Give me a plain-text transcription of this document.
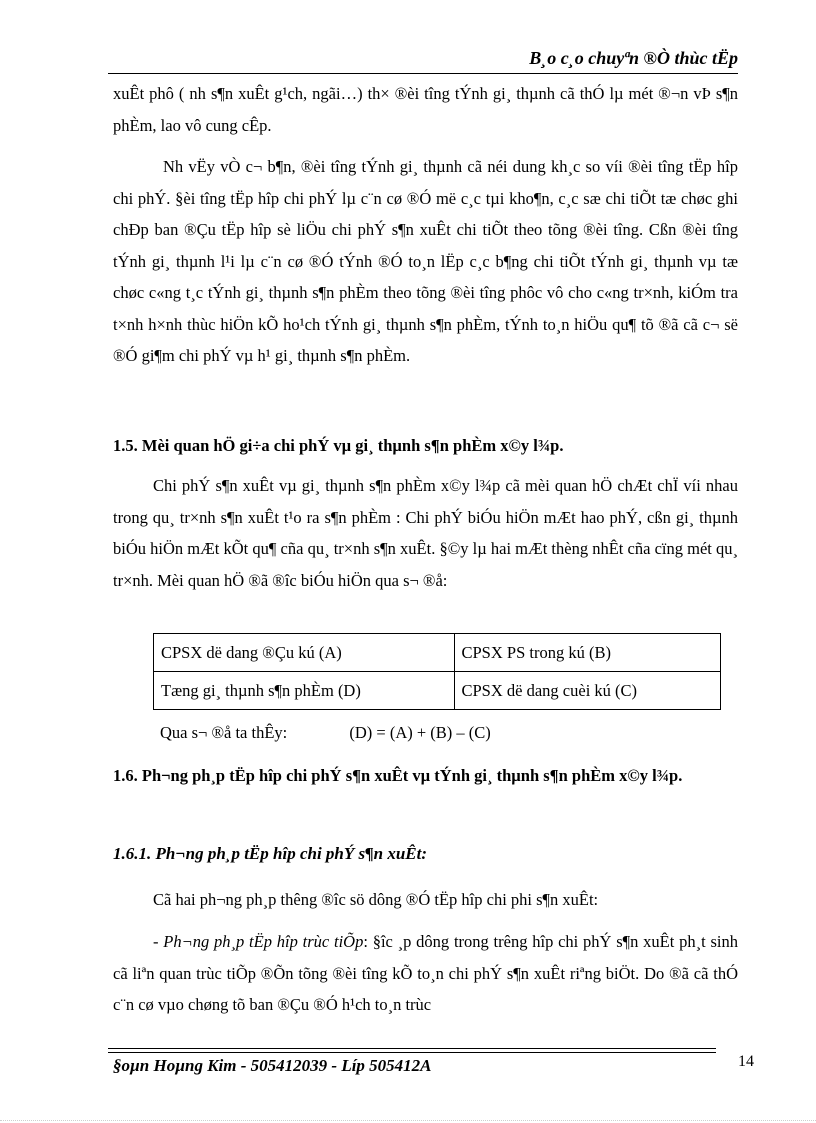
B¸o c¸o chuyªn ®Ò thùc tËp

xuÊt phô ( nh s¶n xuÊt g¹ch, ngãi…) th× ®èi tîng tÝnh gi¸ thµnh cã thÓ lµ mét ®¬n vÞ s¶n phÈm, lao vô cung cÊp.

Nh vËy vÒ c¬ b¶n, ®èi tîng tÝnh gi¸ thµnh cã néi dung kh¸c so víi ®èi tîng tËp hîp chi phÝ. §èi tîng tËp hîp chi phÝ lµ c¨n cø ®Ó më c¸c tµi kho¶n, c¸c sæ chi tiÕt tæ chøc ghi chÐp ban ®Çu tËp hîp sè liÖu chi phÝ s¶n xuÊt chi tiÕt theo tõng ®èi tîng. Cßn ®èi tîng tÝnh gi¸ thµnh l¹i lµ c¨n cø ®Ó tÝnh ®Ó to¸n lËp c¸c b¶ng chi tiÕt tÝnh gi¸ thµnh vµ tæ chøc c«ng t¸c tÝnh gi¸ thµnh s¶n phÈm theo tõng ®èi tîng phôc vô cho c«ng tr×nh, kiÓm tra t×nh h×nh thùc hiÖn kÕ ho¹ch tÝnh gi¸ thµnh s¶n phÈm, tÝnh to¸n hiÖu qu¶ tõ ®ã cã c¬ së ®Ó gi¶m chi phÝ vµ h¹ gi¸ thµnh s¶n phÈm.

1.5. Mèi quan hÖ gi÷a chi phÝ vµ gi¸ thµnh s¶n phÈm x©y l¾p.

Chi phÝ s¶n xuÊt vµ gi¸ thµnh s¶n phÈm x©y l¾p cã mèi quan hÖ chÆt chÏ víi nhau trong qu¸ tr×nh s¶n xuÊt t¹o ra s¶n phÈm : Chi phÝ biÓu hiÖn mÆt hao phÝ, cßn gi¸ thµnh biÓu hiÖn mÆt kÕt qu¶ cña qu¸ tr×nh s¶n xuÊt. §©y lµ hai mÆt thèng nhÊt cña cïng mét qu¸ tr×nh. Mèi quan hÖ ®ã ®îc biÓu hiÖn qua s¬ ®å:

CPSX dë dang ®Çu kú (A)	CPSX PS trong kú (B)
Tæng gi¸ thµnh s¶n phÈm (D)	CPSX dë dang cuèi kú (C)
Qua s¬ ®å ta thÊy:	(D) = (A) + (B) – (C)

1.6. Ph¬ng ph¸p tËp hîp chi phÝ s¶n xuÊt vµ tÝnh gi¸ thµnh s¶n phÈm x©y l¾p.

1.6.1. Ph¬ng ph¸p tËp hîp chi phÝ s¶n xuÊt:

Cã hai ph¬ng ph¸p thêng ®îc sö dông ®Ó tËp hîp chi phi s¶n xuÊt:

- Ph¬ng ph¸p tËp hîp trùc tiÕp: §îc ¸p dông trong trêng hîp chi phÝ s¶n xuÊt ph¸t sinh cã liªn quan trùc tiÕp ®Õn tõng ®èi tîng kÕ to¸n chi phÝ s¶n xuÊt riªng biÖt. Do ®ã cã thÓ c¨n cø vµo chøng tõ ban ®Çu ®Ó h¹ch to¸n trùc

§oµn Hoµng Kim - 505412039 - Líp 505412A	14
